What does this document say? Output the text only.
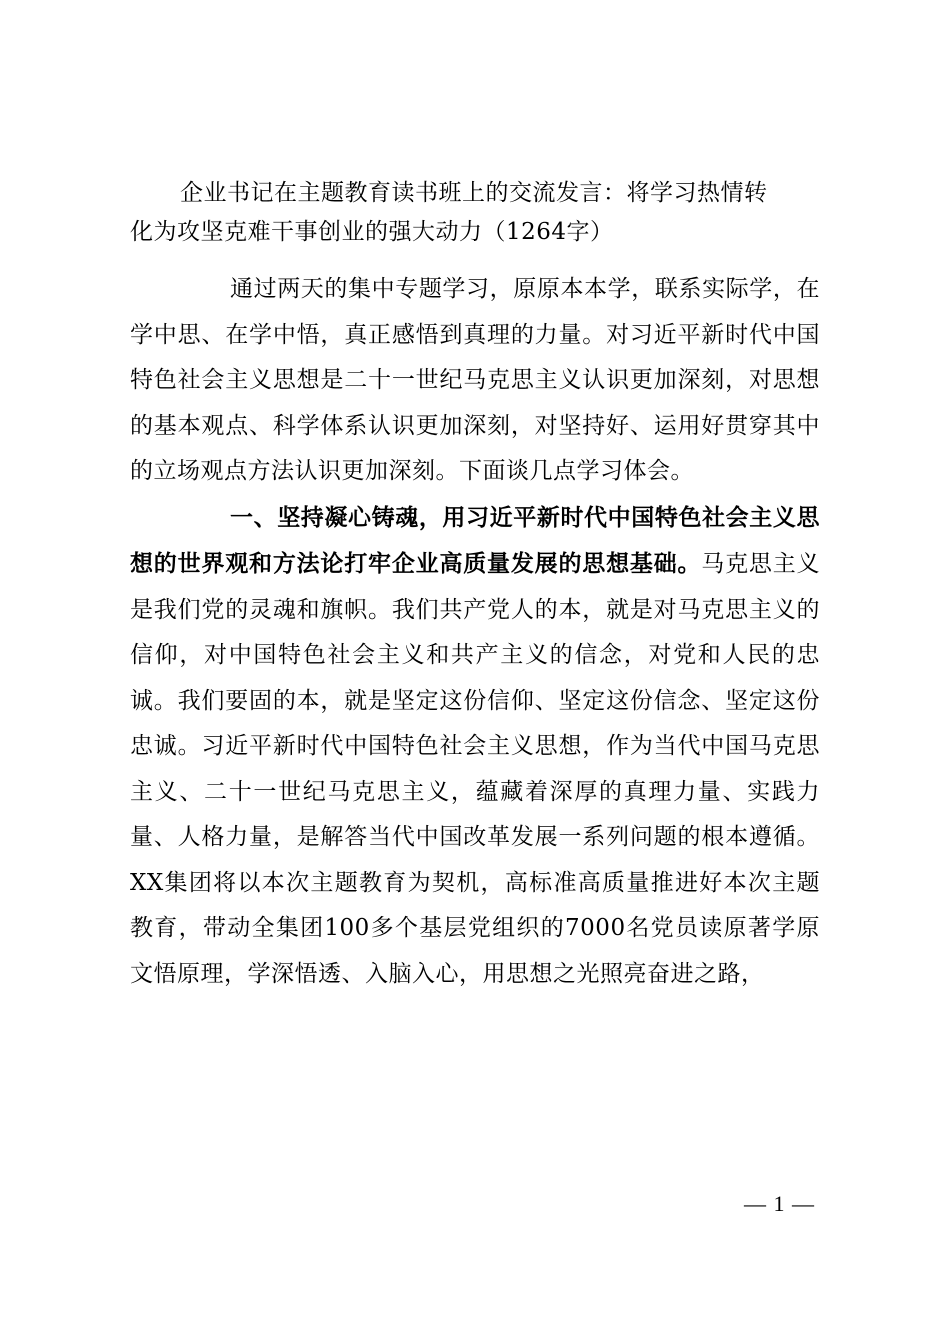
企业书记在主题教育读书班上的交流发言：将学习热情转
化为攻坚克难干事创业的强大动力（1264字）

通过两天的集中专题学习，原原本本学，联系实际学，在学中思、在学中悟，真正感悟到真理的力量。对习近平新时代中国特色社会主义思想是二十一世纪马克思主义认识更加深刻，对思想的基本观点、科学体系认识更加深刻，对坚持好、运用好贯穿其中的立场观点方法认识更加深刻。下面谈几点学习体会。

一、坚持凝心铸魂，用习近平新时代中国特色社会主义思想的世界观和方法论打牢企业高质量发展的思想基础。马克思主义是我们党的灵魂和旗帜。我们共产党人的本，就是对马克思主义的信仰，对中国特色社会主义和共产主义的信念，对党和人民的忠诚。我们要固的本，就是坚定这份信仰、坚定这份信念、坚定这份忠诚。习近平新时代中国特色社会主义思想，作为当代中国马克思主义、二十一世纪马克思主义，蕴藏着深厚的真理力量、实践力量、人格力量，是解答当代中国改革发展一系列问题的根本遵循。XX集团将以本次主题教育为契机，高标准高质量推进好本次主题教育，带动全集团100多个基层党组织的7000名党员读原著学原文悟原理，学深悟透、入脑入心，用思想之光照亮奋进之路，

— 1 —
